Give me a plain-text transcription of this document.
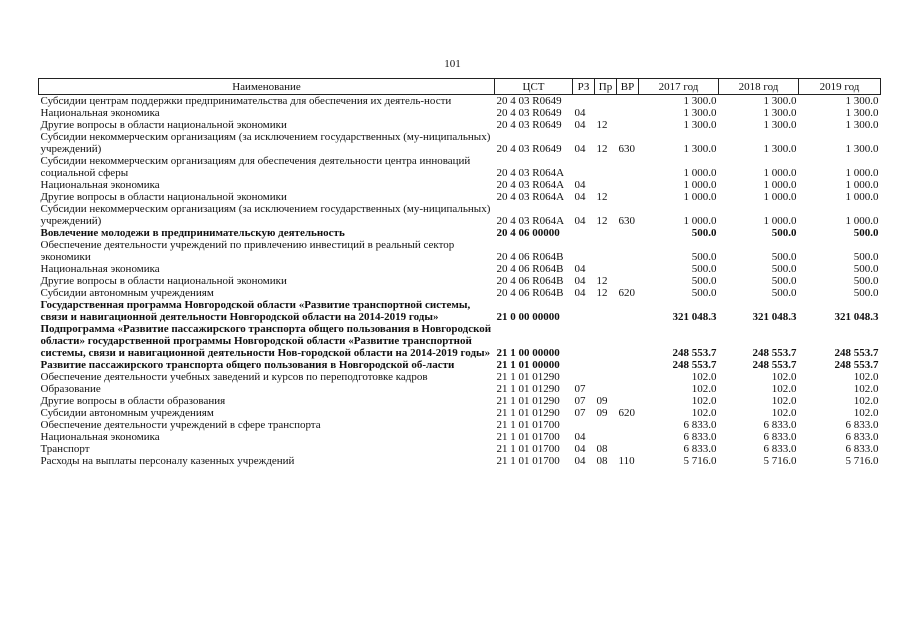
101
Наименование	ЦСТ	РЗ	Пр	ВР	2017 год	2018 год	2019 год
Субсидии центрам поддержки предпринимательства для обеспечения их деятель-ности	20 4 03 R0649				1 300.0	1 300.0	1 300.0
Национальная экономика	20 4 03 R0649	04			1 300.0	1 300.0	1 300.0
Другие вопросы в области национальной экономики	20 4 03 R0649	04	12		1 300.0	1 300.0	1 300.0
Субсидии некоммерческим организациям (за исключением государственных (му-ниципальных) учреждений)	20 4 03 R0649	04	12	630	1 300.0	1 300.0	1 300.0
Субсидии некоммерческим организациям для обеспечения деятельности центра инноваций социальной сферы	20 4 03 R064A				1 000.0	1 000.0	1 000.0
Национальная экономика	20 4 03 R064A	04			1 000.0	1 000.0	1 000.0
Другие вопросы в области национальной экономики	20 4 03 R064A	04	12		1 000.0	1 000.0	1 000.0
Субсидии некоммерческим организациям (за исключением государственных (му-ниципальных) учреждений)	20 4 03 R064A	04	12	630	1 000.0	1 000.0	1 000.0
Вовлечение молодежи в предпринимательскую деятельность	20 4 06 00000				500.0	500.0	500.0
Обеспечение деятельности учреждений по привлечению инвестиций в реальный сектор экономики	20 4 06 R064B				500.0	500.0	500.0
Национальная экономика	20 4 06 R064B	04			500.0	500.0	500.0
Другие вопросы в области национальной экономики	20 4 06 R064B	04	12		500.0	500.0	500.0
Субсидии автономным учреждениям	20 4 06 R064B	04	12	620	500.0	500.0	500.0
Государственная программа Новгородской области «Развитие транспортной системы, связи и навигационной деятельности Новгородской области на 2014-2019 годы»	21 0 00 00000				321 048.3	321 048.3	321 048.3
Подпрограмма «Развитие пассажирского транспорта общего пользования в Новгородской области» государственной программы Новгородской области «Развитие транспортной системы, связи и навигационной деятельности Нов-городской области на 2014-2019 годы»	21 1 00 00000				248 553.7	248 553.7	248 553.7
Развитие пассажирского транспорта общего пользования в Новгородской об-ласти	21 1 01 00000				248 553.7	248 553.7	248 553.7
Обеспечение деятельности учебных заведений и курсов по переподготовке кадров	21 1 01 01290				102.0	102.0	102.0
Образование	21 1 01 01290	07			102.0	102.0	102.0
Другие вопросы в области образования	21 1 01 01290	07	09		102.0	102.0	102.0
Субсидии автономным учреждениям	21 1 01 01290	07	09	620	102.0	102.0	102.0
Обеспечение деятельности учреждений в сфере транспорта	21 1 01 01700				6 833.0	6 833.0	6 833.0
Национальная экономика	21 1 01 01700	04			6 833.0	6 833.0	6 833.0
Транспорт	21 1 01 01700	04	08		6 833.0	6 833.0	6 833.0
Расходы на выплаты персоналу казенных учреждений	21 1 01 01700	04	08	110	5 716.0	5 716.0	5 716.0
